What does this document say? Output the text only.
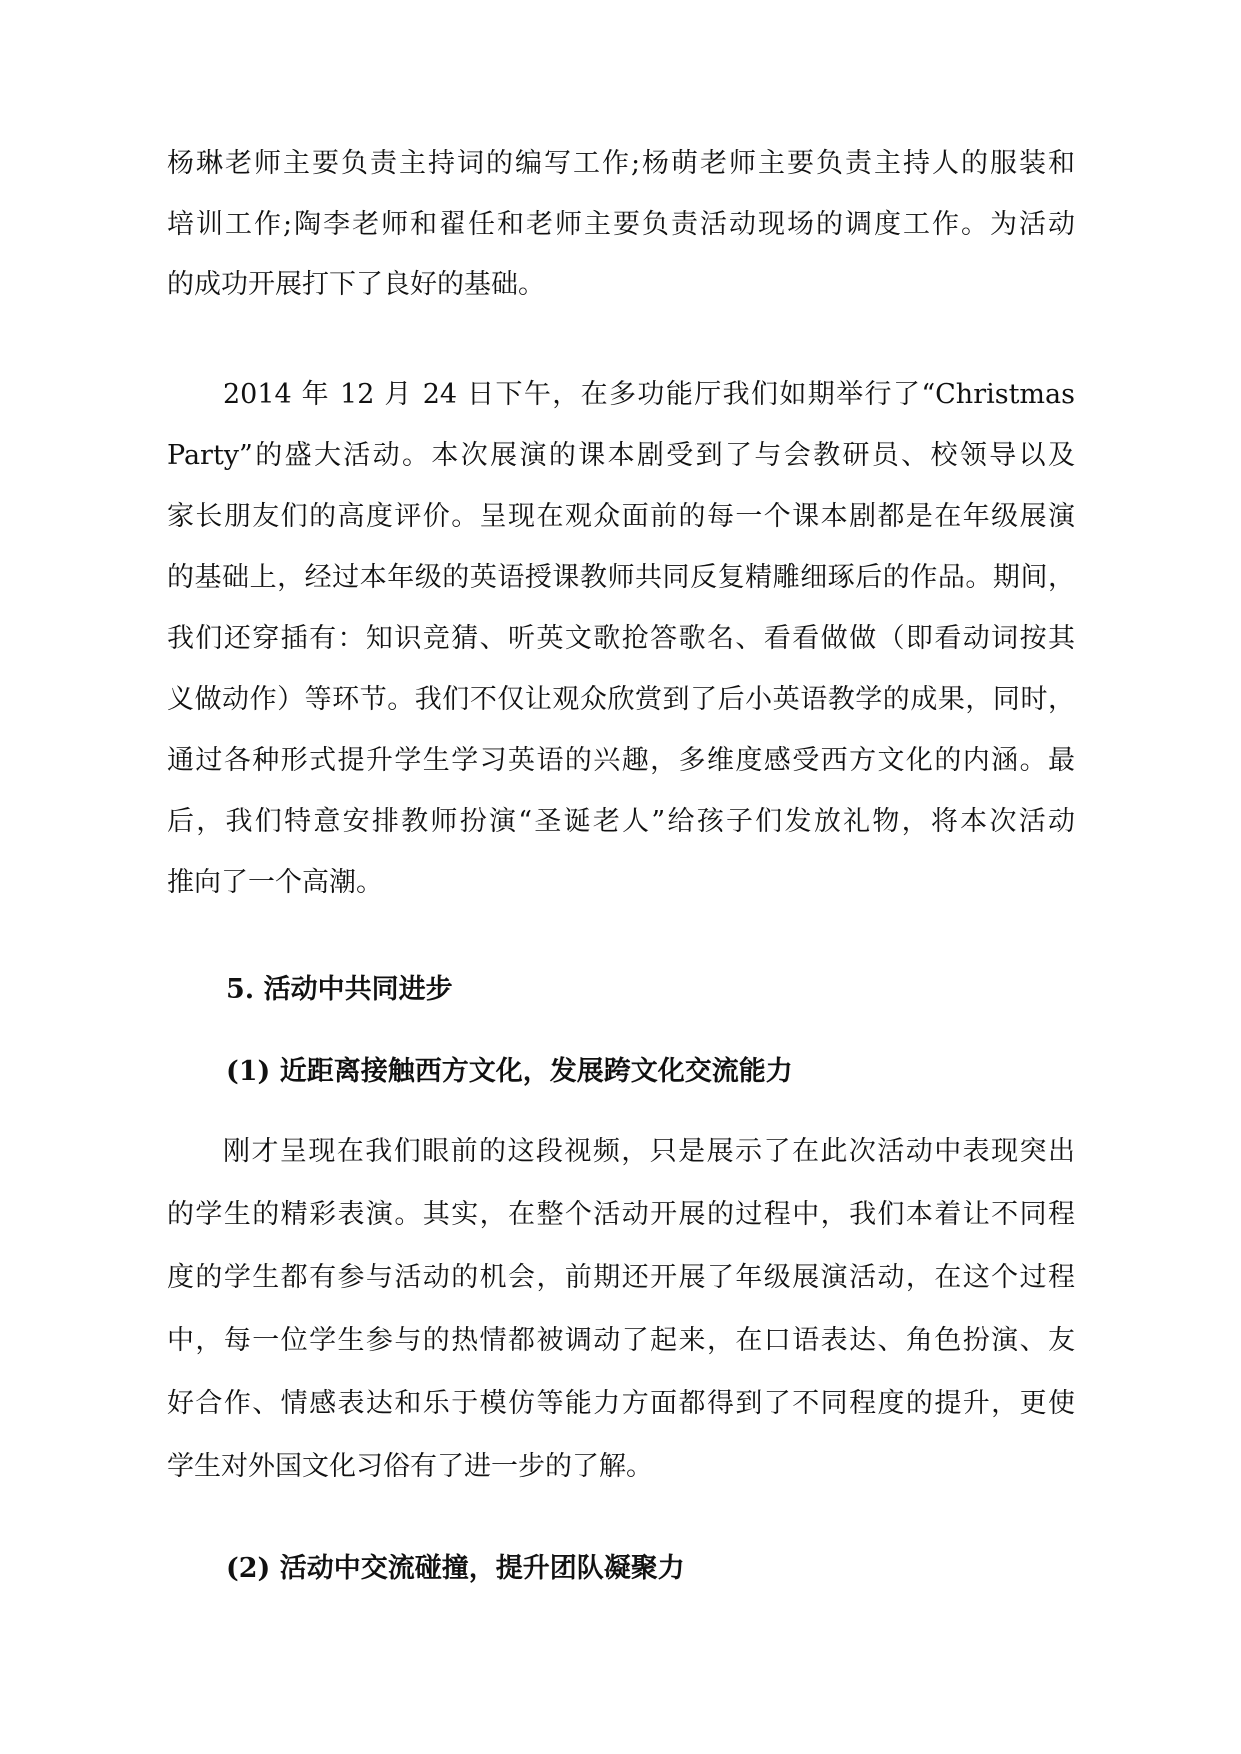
杨琳老师主要负责主持词的编写工作;杨萌老师主要负责主持人的服装和
培训工作;陶李老师和翟任和老师主要负责活动现场的调度工作。为活动
的成功开展打下了良好的基础。
2014 年 12 月 24 日下午，在多功能厅我们如期举行了“Christmas
Party”的盛大活动。本次展演的课本剧受到了与会教研员、校领导以及
家长朋友们的高度评价。呈现在观众面前的每一个课本剧都是在年级展演
的基础上，经过本年级的英语授课教师共同反复精雕细琢后的作品。期间，
我们还穿插有：知识竞猜、听英文歌抢答歌名、看看做做（即看动词按其
义做动作）等环节。我们不仅让观众欣赏到了后小英语教学的成果，同时，
通过各种形式提升学生学习英语的兴趣，多维度感受西方文化的内涵。最
后，我们特意安排教师扮演“圣诞老人”给孩子们发放礼物，将本次活动
推向了一个高潮。
5. 活动中共同进步
(1) 近距离接触西方文化，发展跨文化交流能力
刚才呈现在我们眼前的这段视频，只是展示了在此次活动中表现突出
的学生的精彩表演。其实，在整个活动开展的过程中，我们本着让不同程
度的学生都有参与活动的机会，前期还开展了年级展演活动，在这个过程
中，每一位学生参与的热情都被调动了起来，在口语表达、角色扮演、友
好合作、情感表达和乐于模仿等能力方面都得到了不同程度的提升，更使
学生对外国文化习俗有了进一步的了解。
(2) 活动中交流碰撞，提升团队凝聚力
